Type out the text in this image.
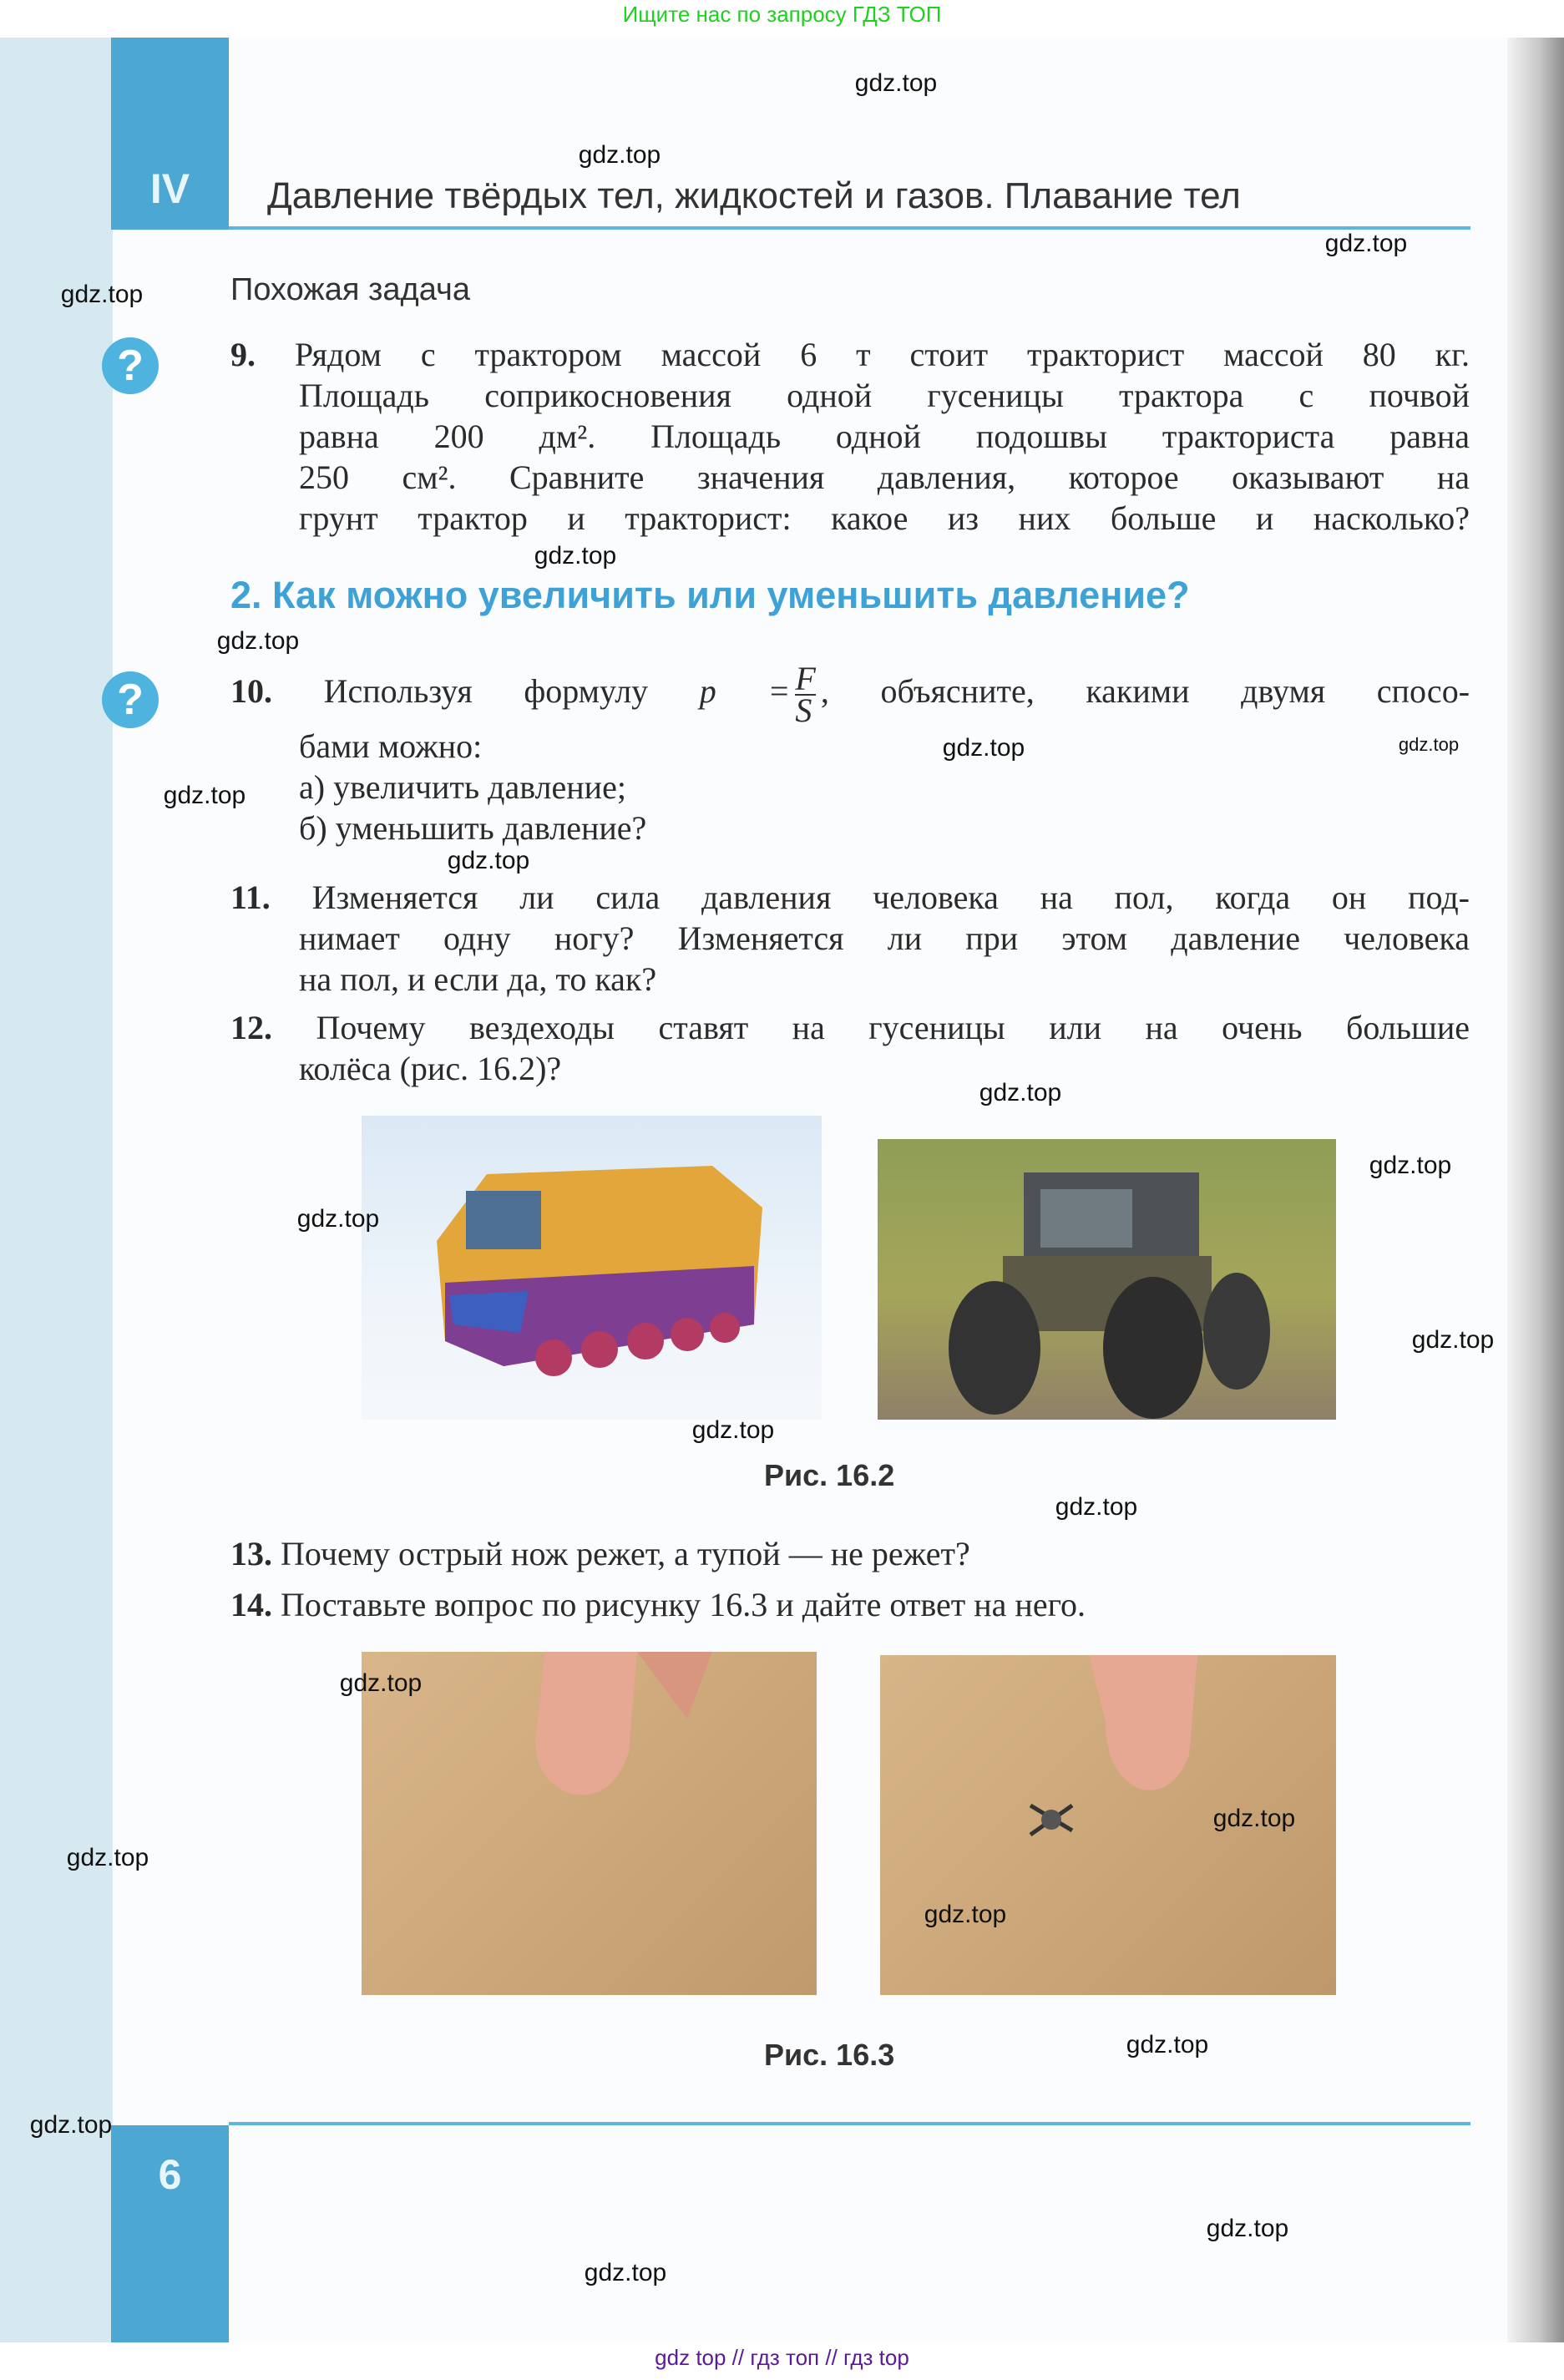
Ищите нас по запросу ГДЗ ТОП
IV	Давление твёрдых тел, жидкостей и газов. Плавание тел
Похожая задача
?	9. Рядом с трактором массой 6 т стоит тракторист массой 80 кг.
Площадь соприкосновения одной гусеницы трактора с почвой
равна 200 дм². Площадь одной подошвы тракториста равна
250 см². Сравните значения давления, которое оказывают на
грунт трактор и тракторист: какое из них больше и насколько?
2. Как можно увеличить или уменьшить давление?
?	10. Используя формулу $p = \frac{F}{S}$ , объясните, какими двумя спосо-
бами можно:
а) увеличить давление;
б) уменьшить давление?
11. Изменяется ли сила давления человека на пол, когда он под-
нимает одну ногу? Изменяется ли при этом давление человека
на пол, и если да, то как?
12. Почему вездеходы ставят на гусеницы или на очень большие
колёса (рис. 16.2)?
Рис. 16.2
13. Почему острый нож режет, а тупой — не режет?
14. Поставьте вопрос по рисунку 16.3 и дайте ответ на него.
Рис. 16.3
6
gdz.top
gdz.top
gdz.top
gdz.top
gdz.top
gdz.top
gdz.top
gdz.top
gdz.top
gdz.top
gdz.top
gdz.top
gdz.top
gdz.top
gdz.top
gdz.top
gdz.top
gdz.top
gdz.top
gdz.top
gdz.top
gdz.top
gdz.top
gdz.top
gdz top // гдз топ // гдз top
